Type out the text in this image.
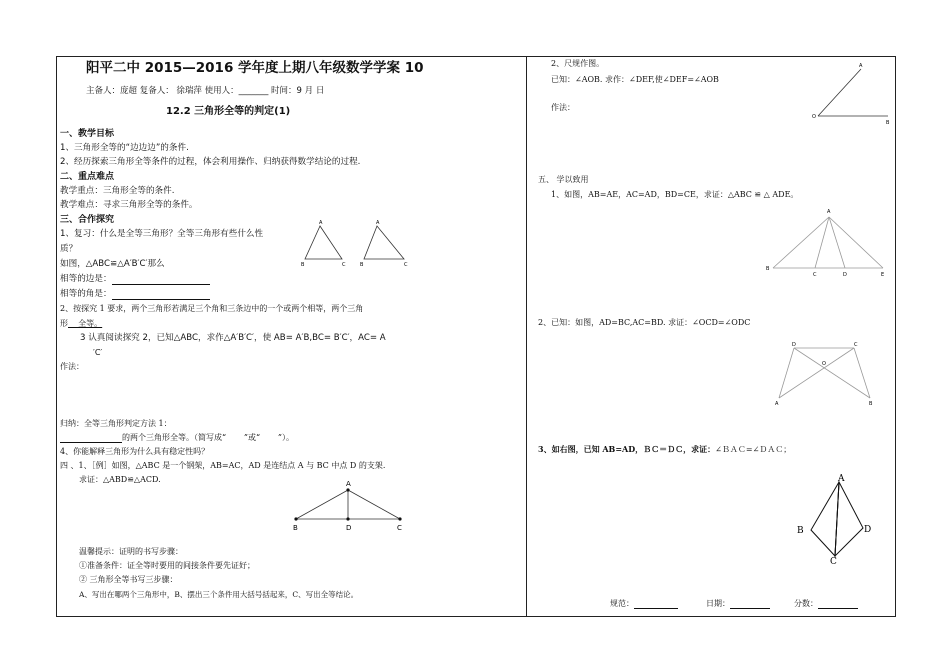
阳平二中 2015—2016 学年度上期八年级数学学案 10
主备人：庞超 复备人： 徐瑞萍 使用人：_______ 时间：9 月 日
12.2 三角形全等的判定(1)
一、教学目标
1、三角形全等的“边边边”的条件.
2、经历探索三角形全等条件的过程，体会利用操作、归纳获得数学结论的过程.
二、重点难点
教学重点：三角形全等的条件.
教学难点：寻求三角形全等的条件。
三、合作探究
1、复习：什么是全等三角形？全等三角形有些什么性
质？
如图，△ABC≌△A′B′C′那么
相等的边是：
相等的角是：
A
B	C
A
B	C
2、按探究 1 要求，两个三角形若满足三个角和三条边中的一个或两个相等，两个三角
形    全等。
3 认真阅读探究 2，已知△ABC，求作△A′B′C′，使 AB= A′B,BC= B′C′，AC= A
′C′
作法：
归纳：全等三角形判定方法 1：
的两个三角形全等。（简写成“       ”或“       ”）。
4、你能解释三角形为什么具有稳定性吗？
四 、1、［例］如图，△ABC 是一个钢架，AB=AC，AD 是连结点 A 与 BC 中点 D 的支架.
求证：△ABD≌△ACD.	A
B	D	C
温馨提示：证明的书写步骤：
①准备条件：证全等时要用的间接条件要先证好；
② 三角形全等书写三步骤：
A、写出在哪两个三角形中，B、摆出三个条件用大括号括起来，C、写出全等结论。
2、尺规作图。
已知：∠AOB. 求作：∠DEF,使∠DEF=∠AOB
作法：
A
O
B
五、 学以致用
1、如图，AB=AE，AC=AD，BD=CE，求证：△ABC ≌ △ ADE。
A
B
C	D	E
2、已知：如图，AD=BC,AC=BD. 求证：∠OCD=∠ODC
D	C
O
A	B
3、如右图，已知 AB=AD，ＢＣ＝ＤＣ，求证：∠ＢＡＣ=∠ＤＡＣ；
A
B	D
C
规范：	日期：	分数：
